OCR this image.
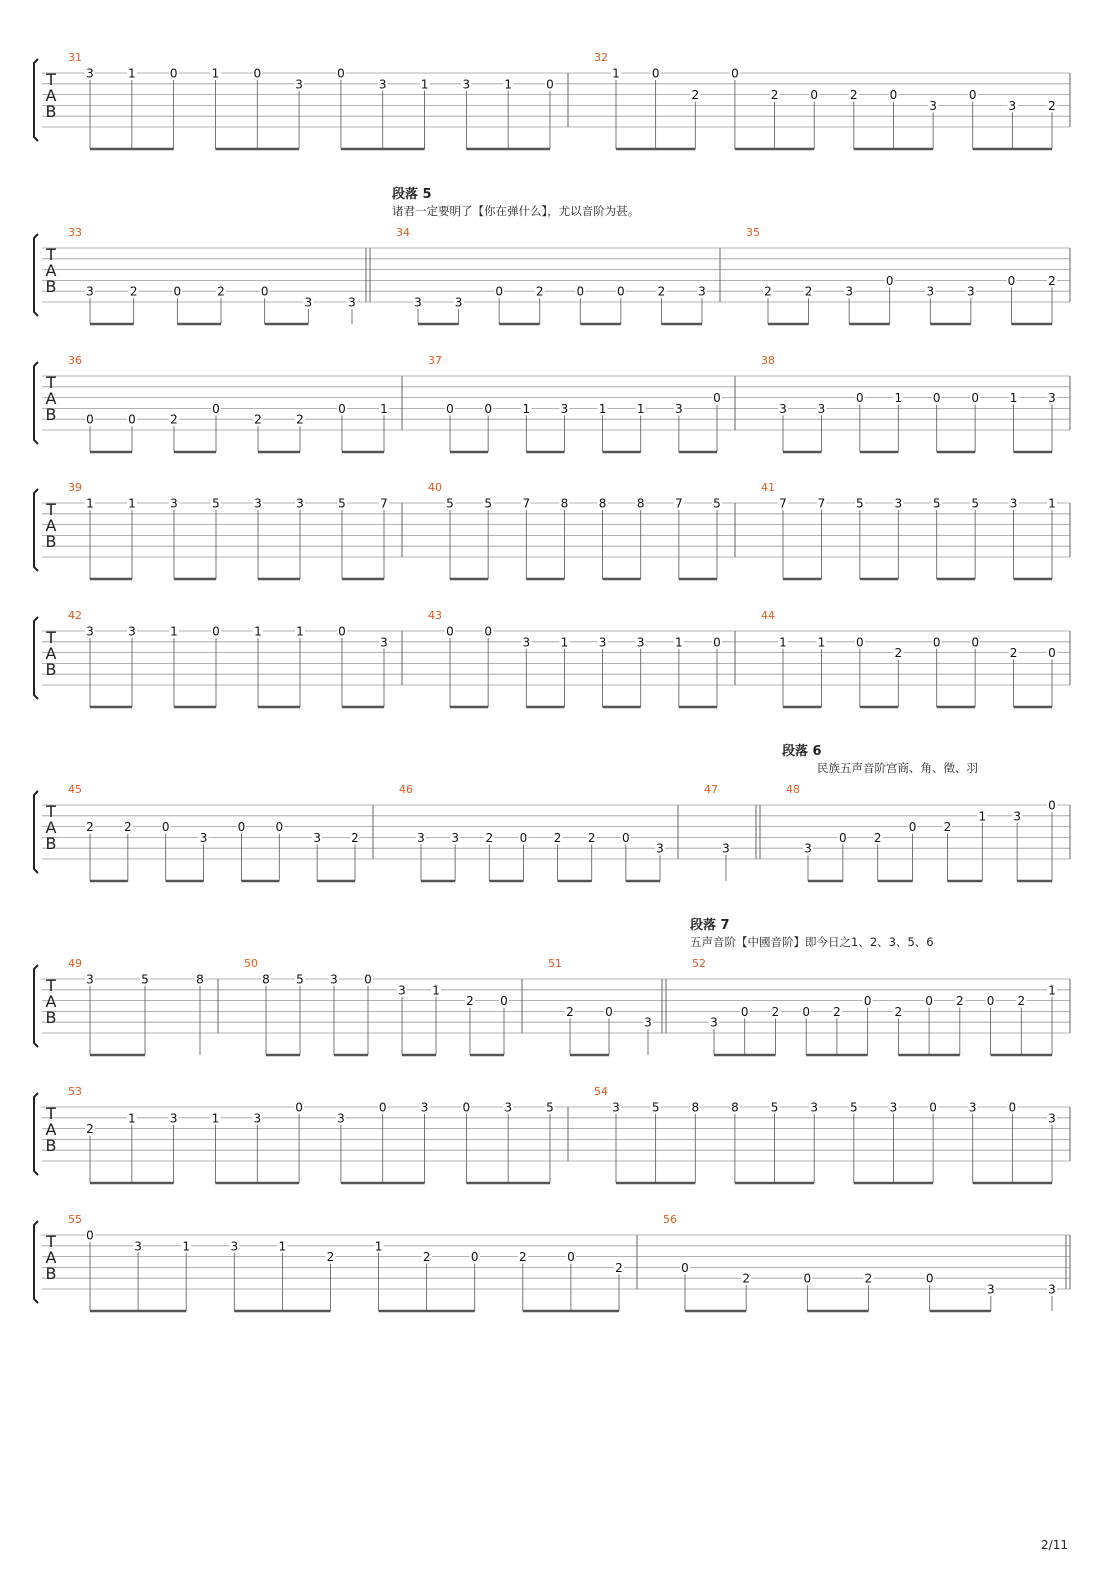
T
A
B
31
3	1	0	1	0
3
0
3	1	3	1	0
32
1	0
2
0
2	0	2	0
3
0
3	2
T
A
B
33
3	2	0	2	0
3	3
34
3	3
0	2	0	0	2	3
35
2	2	3
0
3	3
0	2
T
A
B
36
0	0	2
0
2	2
0	1
37
0	0	1	3	1	1	3
0
38
3	3
0	1	0	0	1	3
T
A
B
39
1	1	3	5	3	3	5	7
40
5	5	7	8	8	8	7	5
41
7	7	5	3	5	5	3	1
T
A
B
42
3	3	1	0	1	1	0
3
43
0	0
3	1	3	3	1	0
44
1	1	0
2
0	0
2	0
T
A
B
45
2	2	0
3
0	0
3	2
46
3 3 2 0 2 2 0
3
47
3
48
3
0 2
0 2
1 3
0
T
A
B
49
3	5	8
50
8 5 3 0
3 1
2 0
51
2	0
3
52
3
0 2 0 2
0
2
0 2 0 2
1
T
A
B
53
2
1	3	1	3
0
3
0	3	0	3	5
54
3	5	8	8	5	3	5	3	0	3	0
3
T
A
B
55
0
3	1	3	1
2
1
2	0	2	0
2
56
0
2	0	2	0
3	3
段落 5
诸君一定要明了【你在弹什么】，尤以音阶为甚。
段落 6
民族五声音阶宫商、角、徵、羽
段落 7
五声音阶【中國音阶】即今日之1、2、3、5、6
2/11
